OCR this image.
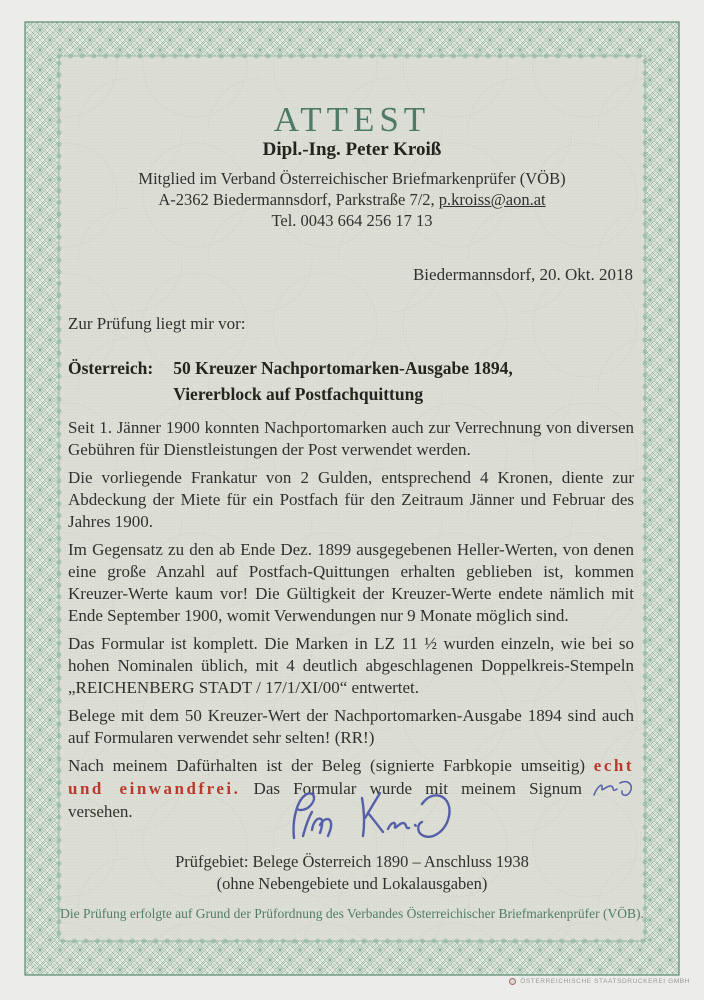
ATTEST
Dipl.-Ing. Peter Kroiß
Mitglied im Verband Österreichischer Briefmarkenprüfer (VÖB)
A-2362 Biedermannsdorf, Parkstraße 7/2, p.kroiss@aon.at
Tel. 0043 664 256 17 13
Biedermannsdorf, 20. Okt. 2018
Zur Prüfung liegt mir vor:
Österreich: 50 Kreuzer Nachportomarken-Ausgabe 1894,
Viererblock auf Postfachquittung

Seit 1. Jänner 1900 konnten Nachportomarken auch zur Verrechnung von diversen Gebühren für Dienstleistungen der Post verwendet werden.

Die vorliegende Frankatur von 2 Gulden, entsprechend 4 Kronen, diente zur Abdeckung der Miete für ein Postfach für den Zeitraum Jänner und Februar des Jahres 1900.

Im Gegensatz zu den ab Ende Dez. 1899 ausgegebenen Heller-Werten, von denen eine große Anzahl auf Postfach-Quittungen erhalten geblieben ist, kommen Kreuzer-Werte kaum vor! Die Gültigkeit der Kreuzer-Werte endete nämlich mit Ende September 1900, womit Verwendungen nur 9 Monate möglich sind.

Das Formular ist komplett. Die Marken in LZ 11 ½ wurden einzeln, wie bei so hohen Nominalen üblich, mit 4 deutlich abgeschlagenen Doppelkreis-Stempeln „REICHENBERG STADT / 17/1/XI/00“ entwertet.

Belege mit dem 50 Kreuzer-Wert der Nachportomarken-Ausgabe 1894 sind auch auf Formularen verwendet sehr selten! (RR!)

Nach meinem Dafürhalten ist der Beleg (signierte Farbkopie umseitig) echt und einwandfrei. Das Formular wurde mit meinem Signumversehen.

Prüfgebiet: Belege Österreich 1890 – Anschluss 1938
(ohne Nebengebiete und Lokalausgaben)
Die Prüfung erfolgte auf Grund der Prüfordnung des Verbandes Österreichischer Briefmarkenprüfer (VÖB).
ÖSTERREICHISCHE STAATSDRUCKEREI GMBH
